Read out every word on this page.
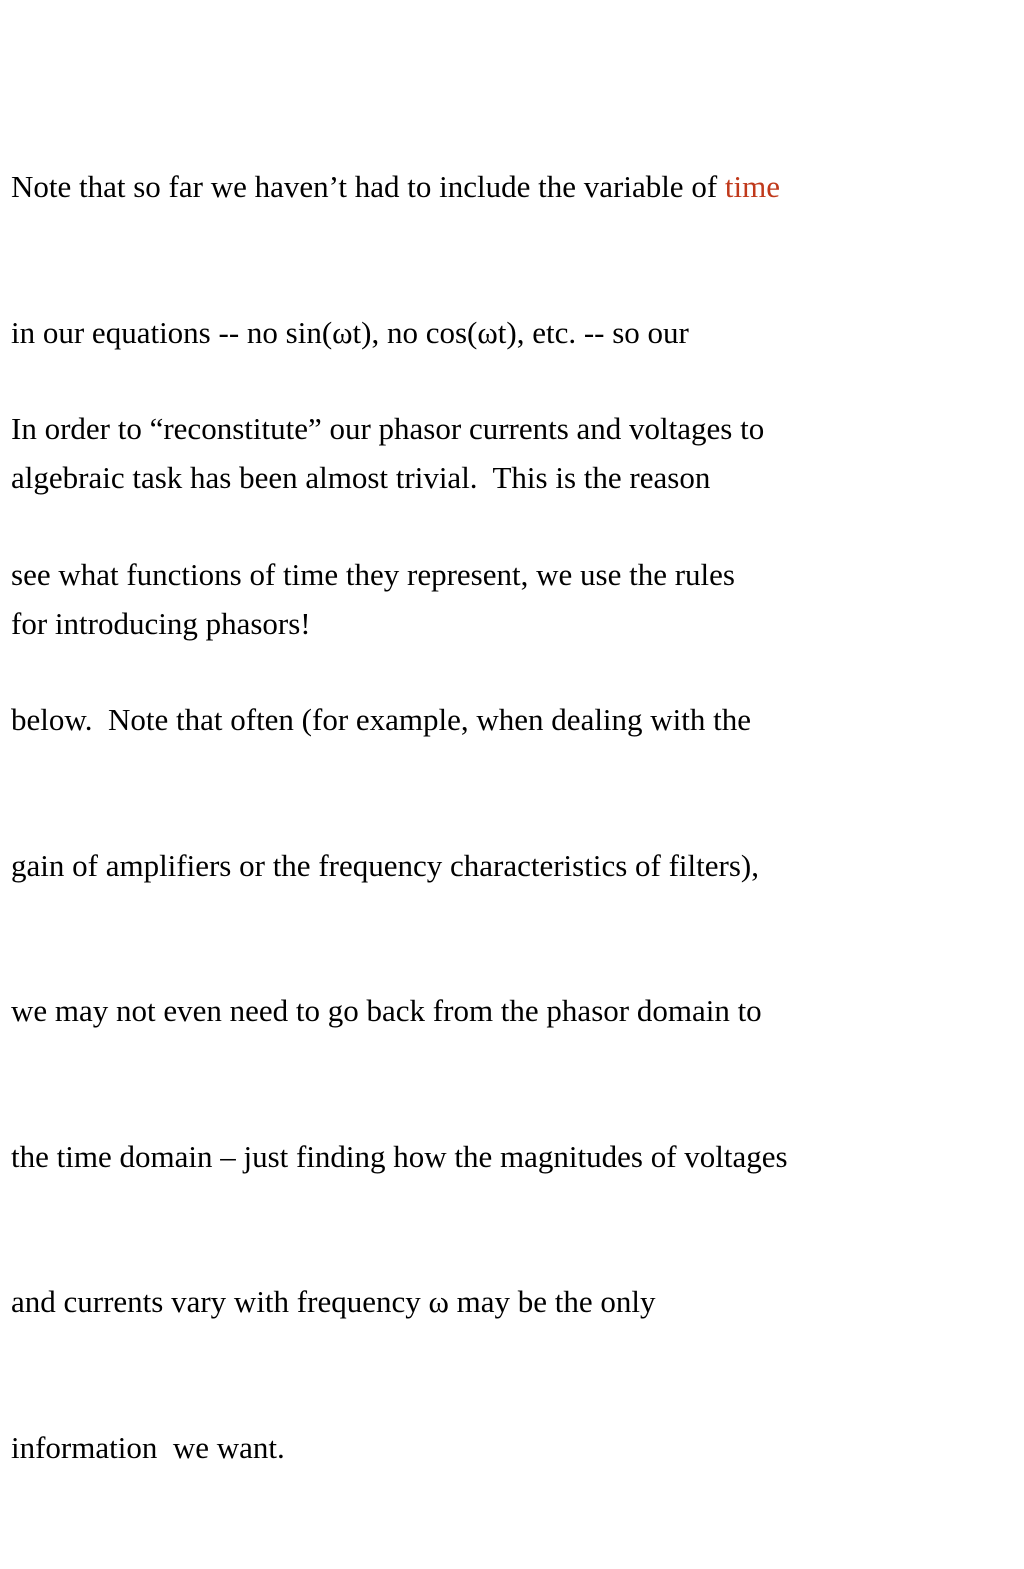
Note that so far we haven’t had to include the variable of time

in our equations -- no sin(ωt), no cos(ωt), etc. -- so our

algebraic task has been almost trivial.  This is the reason

for introducing phasors!

In order to “reconstitute” our phasor currents and voltages to

see what functions of time they represent, we use the rules

below.  Note that often (for example, when dealing with the

gain of amplifiers or the frequency characteristics of filters),

we may not even need to go back from the phasor domain to

the time domain – just finding how the magnitudes of voltages

and currents vary with frequency ω may be the only

information  we want.
